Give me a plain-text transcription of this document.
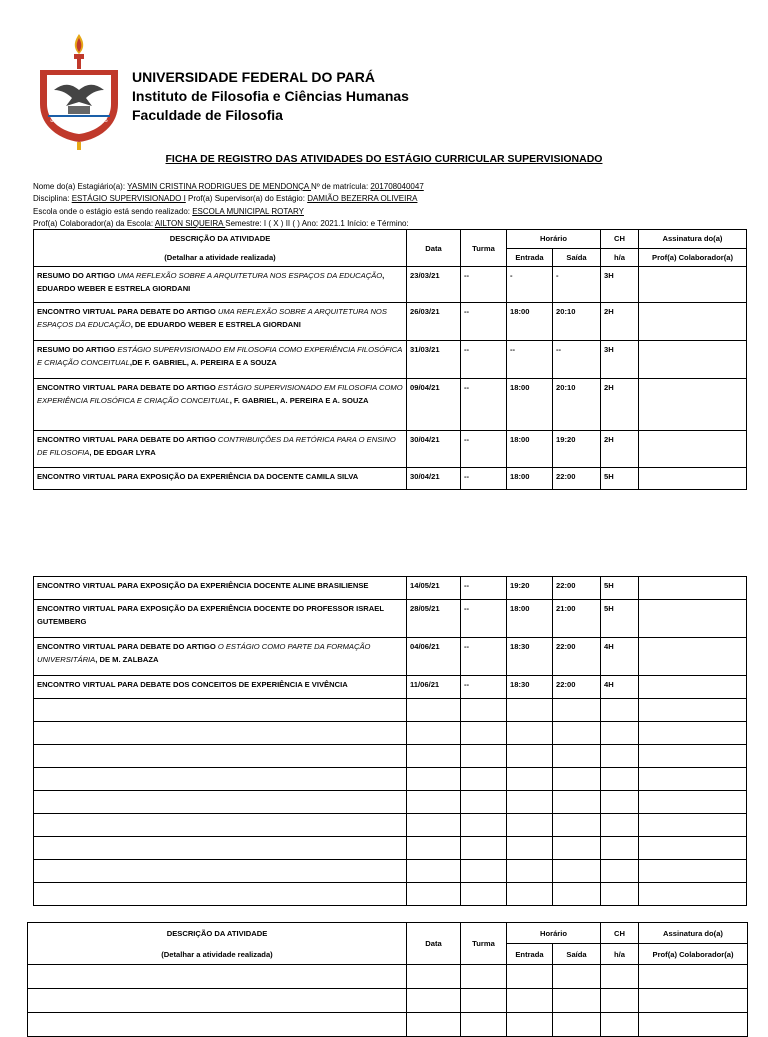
UNIVERSIDADE FEDERAL DO PARÁ
UNIVERSIDADE FEDERAL DO PARÁ
Instituto de Filosofia e Ciências Humanas
Faculdade de Filosofia
FICHA DE REGISTRO DAS ATIVIDADES DO ESTÁGIO CURRICULAR SUPERVISIONADO
Nome do(a) Estagiário(a): YASMIN CRISTINA RODRIGUES DE MENDONÇA Nº de matrícula: 201708040047
Disciplina: ESTÁGIO SUPERVISIONADO I Prof(a) Supervisor(a) do Estágio: DAMIÃO BEZERRA OLIVEIRA
Escola onde o estágio está sendo realizado: ESCOLA MUNICIPAL ROTARY
Prof(a) Colaborador(a) da Escola: AILTON SIQUEIRA Semestre: I ( X ) II ( ) Ano: 2021.1 Início: e Término:
DESCRIÇÃO DA ATIVIDADE
(Detalhar a atividade realizada)	Data	Turma	Horário		CH	Assinatura do(a)
			Entrada	Saída	h/a	Prof(a) Colaborador(a)
RESUMO DO ARTIGO UMA REFLEXÃO SOBRE A ARQUITETURA NOS ESPAÇOS DA EDUCAÇÃO, EDUARDO WEBER E ESTRELA GIORDANI	23/03/21	--	-	-	3H	
ENCONTRO VIRTUAL PARA DEBATE DO ARTIGO UMA REFLEXÃO SOBRE A ARQUITETURA NOS ESPAÇOS DA EDUCAÇÃO, DE EDUARDO WEBER E ESTRELA GIORDANI	26/03/21	--	18:00	20:10	2H	
RESUMO DO ARTIGO ESTÁGIO SUPERVISIONADO EM FILOSOFIA COMO EXPERIÊNCIA FILOSÓFICA E CRIAÇÃO CONCEITUAL,DE F. GABRIEL, A. PEREIRA E A SOUZA	31/03/21	--	--	--	3H	
ENCONTRO VIRTUAL PARA DEBATE DO ARTIGO ESTÁGIO SUPERVISIONADO EM FILOSOFIA COMO EXPERIÊNCIA FILOSÓFICA E CRIAÇÃO CONCEITUAL, F. GABRIEL, A. PEREIRA E A. SOUZA	09/04/21	--	18:00	20:10	2H	
ENCONTRO VIRTUAL PARA DEBATE DO ARTIGO CONTRIBUIÇÕES DA RETÓRICA PARA O ENSINO DE FILOSOFIA, DE EDGAR LYRA	30/04/21	--	18:00	19:20	2H	
ENCONTRO VIRTUAL PARA EXPOSIÇÃO DA EXPERIÊNCIA DA DOCENTE CAMILA SILVA	30/04/21	--	18:00	22:00	5H	
ENCONTRO VIRTUAL PARA EXPOSIÇÃO DA EXPERIÊNCIA DOCENTE ALINE BRASILIENSE	14/05/21	--	19:20	22:00	5H	
ENCONTRO VIRTUAL PARA EXPOSIÇÃO DA EXPERIÊNCIA DOCENTE DO PROFESSOR ISRAEL GUTEMBERG	28/05/21	--	18:00	21:00	5H	
ENCONTRO VIRTUAL PARA DEBATE DO ARTIGO O ESTÁGIO COMO PARTE DA FORMAÇÃO UNIVERSITÁRIA, DE M. ZALBAZA	04/06/21	--	18:30	22:00	4H	
ENCONTRO VIRTUAL PARA DEBATE DOS CONCEITOS DE EXPERIÊNCIA E VIVÊNCIA	11/06/21	--	18:30	22:00	4H	

DESCRIÇÃO DA ATIVIDADE
(Detalhar a atividade realizada)	Data	Turma	Horário		CH	Assinatura do(a)
			Entrada	Saída	h/a	Prof(a) Colaborador(a)
